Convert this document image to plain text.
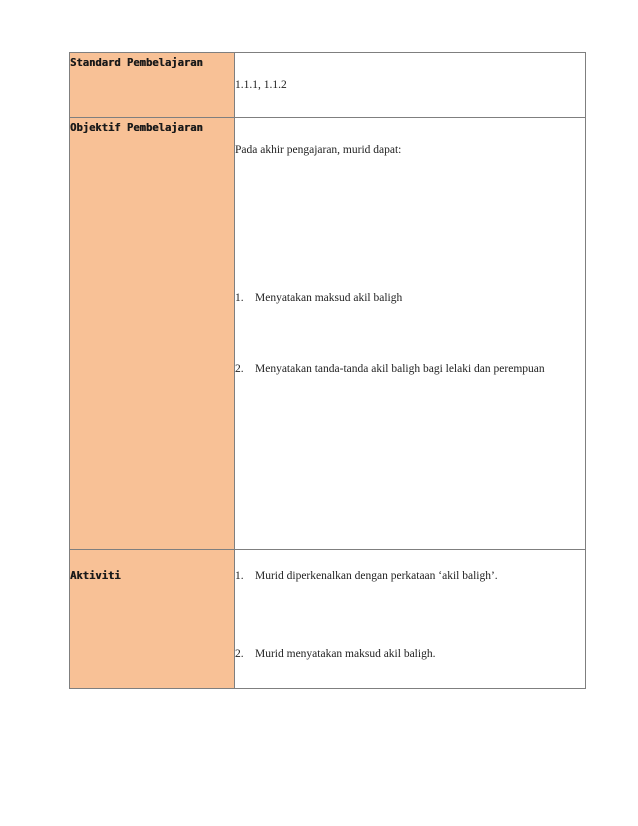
Standard Pembelajaran	1.1.1, 1.1.2
Objektif Pembelajaran	Pada akhir pengajaran, murid dapat:
1. Menyatakan maksud akil baligh
2. Menyatakan tanda-tanda akil baligh bagi lelaki dan perempuan

Aktiviti	1. Murid diperkenalkan dengan perkataan ‘akil baligh’.
2. Murid menyatakan maksud akil baligh.
